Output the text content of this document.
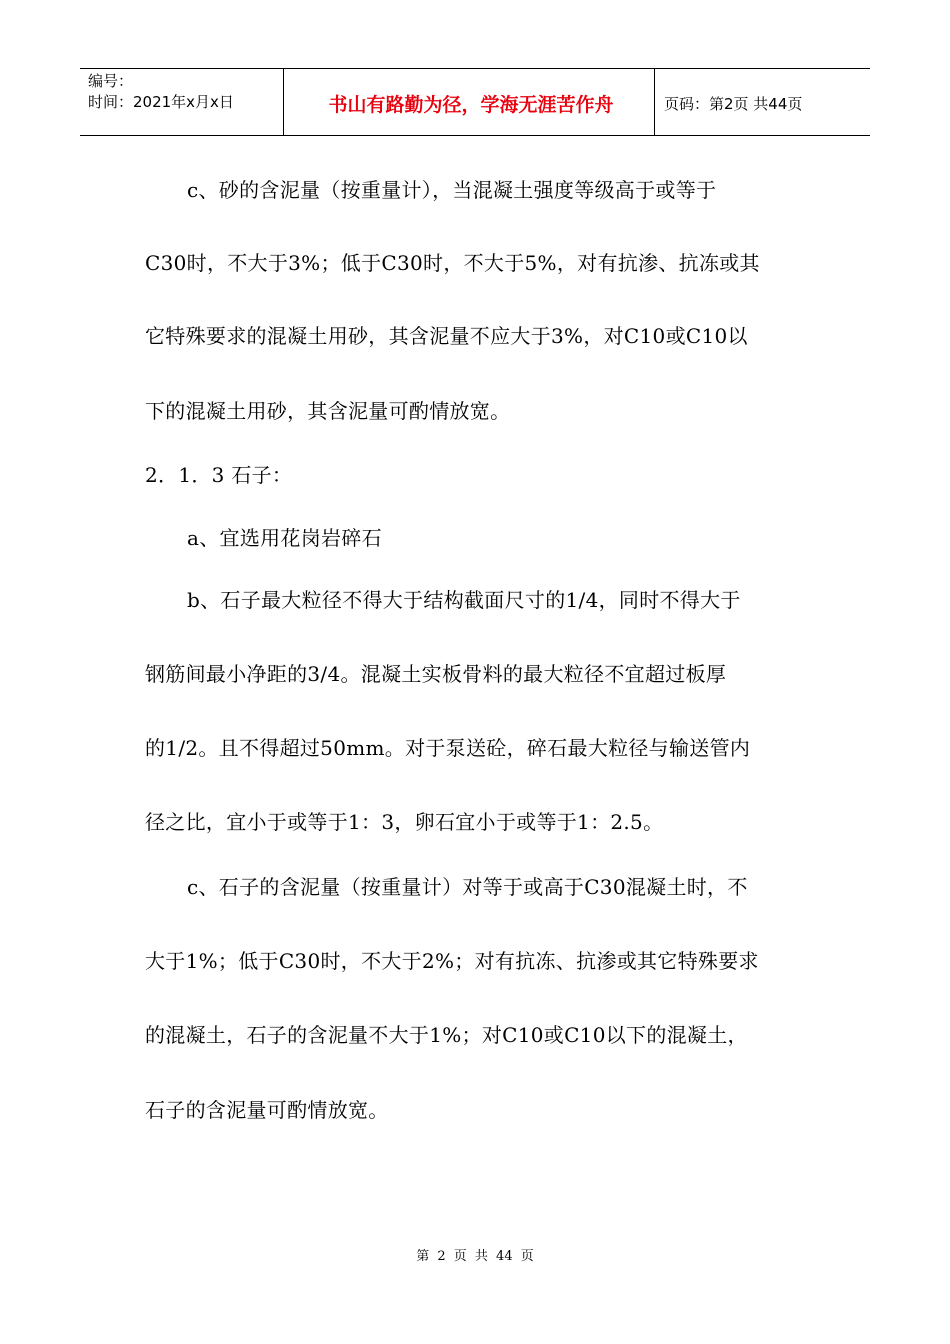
编号：
时间：2021年x月x日	书山有路勤为径，学海无涯苦作舟	页码：第2页 共44页
c、砂的含泥量（按重量计），当混凝土强度等级高于或等于
C30时，不大于3%；低于C30时，不大于5%，对有抗渗、抗冻或其
它特殊要求的混凝土用砂，其含泥量不应大于3%，对C10或C10以
下的混凝土用砂，其含泥量可酌情放宽。
2．1．3 石子：
a、宜选用花岗岩碎石
b、石子最大粒径不得大于结构截面尺寸的1/4，同时不得大于
钢筋间最小净距的3/4。混凝土实板骨料的最大粒径不宜超过板厚
的1/2。且不得超过50mm。对于泵送砼，碎石最大粒径与输送管内
径之比，宜小于或等于1：3，卵石宜小于或等于1：2.5。
c、石子的含泥量（按重量计）对等于或高于C30混凝土时，不
大于1%；低于C30时，不大于2%；对有抗冻、抗渗或其它特殊要求
的混凝土，石子的含泥量不大于1%；对C10或C10以下的混凝土，
石子的含泥量可酌情放宽。
第 2 页 共 44 页
